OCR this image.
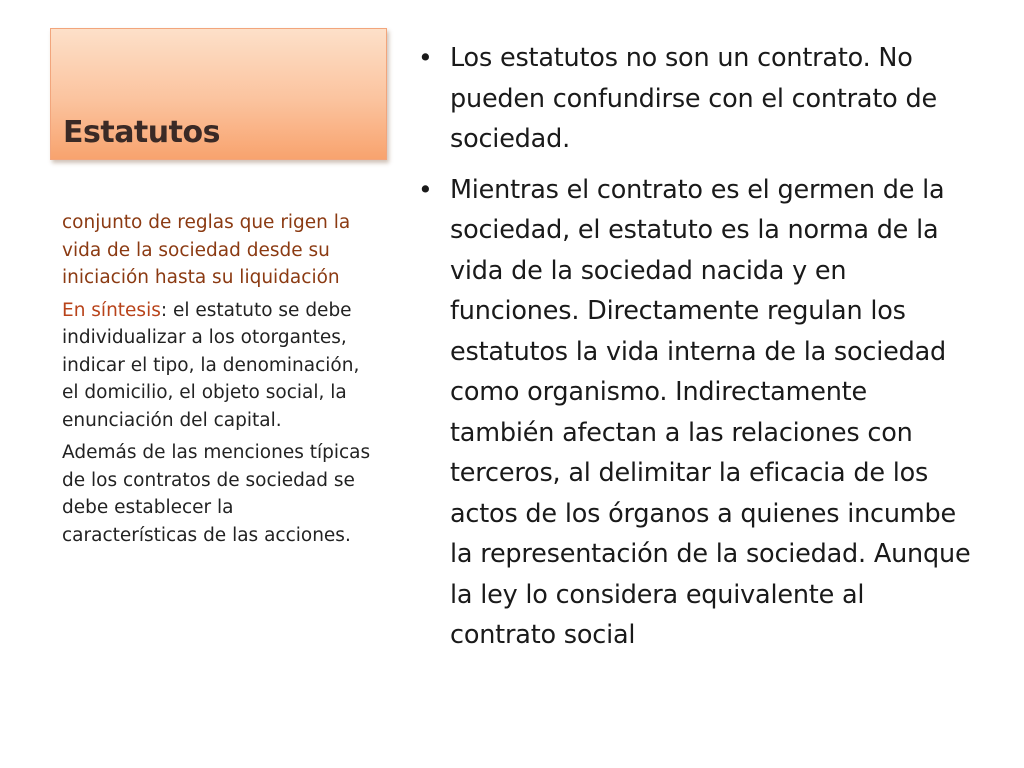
Estatutos

conjunto de reglas que rigen la vida de la sociedad desde su iniciación hasta su liquidación

En síntesis: el estatuto se debe individualizar a los otorgantes, indicar el tipo, la denominación, el domicilio, el objeto social, la enunciación del capital.

Además de las menciones típicas de los contratos de sociedad se debe establecer la características de las acciones.

• Los estatutos no son un contrato. No pueden confundirse con el contrato de sociedad.
• Mientras el contrato es el germen de la sociedad, el estatuto es la norma de la vida de la sociedad nacida y en funciones. Directamente regulan los estatutos la vida interna de la sociedad como organismo. Indirectamente también afectan a las relaciones con terceros, al delimitar la eficacia de los actos de los órganos a quienes incumbe la representación de la sociedad. Aunque la ley lo considera equivalente al contrato social
